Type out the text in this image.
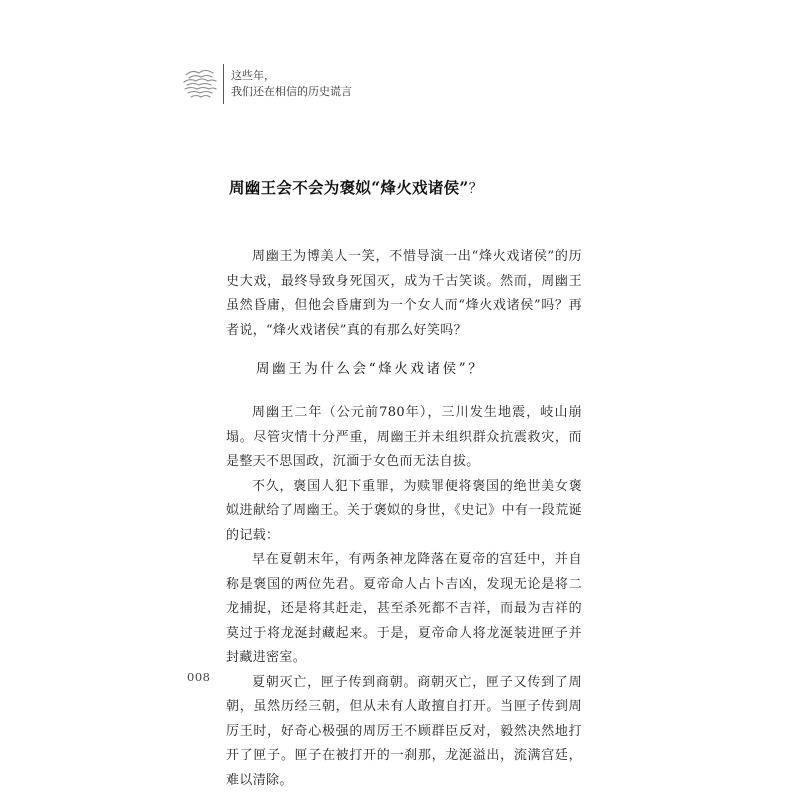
这些年，
我们还在相信的历史谎言
周幽王会不会为褒姒“烽火戏诸侯”？

周幽王为博美人一笑，不惜导演一出“烽火戏诸侯”的历史大戏，最终导致身死国灭，成为千古笑谈。然而，周幽王虽然昏庸，但他会昏庸到为一个女人而“烽火戏诸侯”吗？再者说，“烽火戏诸侯”真的有那么好笑吗？

周幽王为什么会“烽火戏诸侯”？

周幽王二年（公元前780年），三川发生地震，岐山崩塌。尽管灾情十分严重，周幽王并未组织群众抗震救灾，而是整天不思国政，沉湎于女色而无法自拔。

不久，褒国人犯下重罪，为赎罪便将褒国的绝世美女褒姒进献给了周幽王。关于褒姒的身世，《史记》中有一段荒诞的记载：

早在夏朝末年，有两条神龙降落在夏帝的宫廷中，并自称是褒国的两位先君。夏帝命人占卜吉凶，发现无论是将二龙捕捉，还是将其赶走，甚至杀死都不吉祥，而最为吉祥的莫过于将龙涎封藏起来。于是，夏帝命人将龙涎装进匣子并封藏进密室。

夏朝灭亡，匣子传到商朝。商朝灭亡，匣子又传到了周朝，虽然历经三朝，但从未有人敢擅自打开。当匣子传到周厉王时，好奇心极强的周厉王不顾群臣反对，毅然决然地打开了匣子。匣子在被打开的一刹那，龙涎溢出，流满宫廷，难以清除。

008
